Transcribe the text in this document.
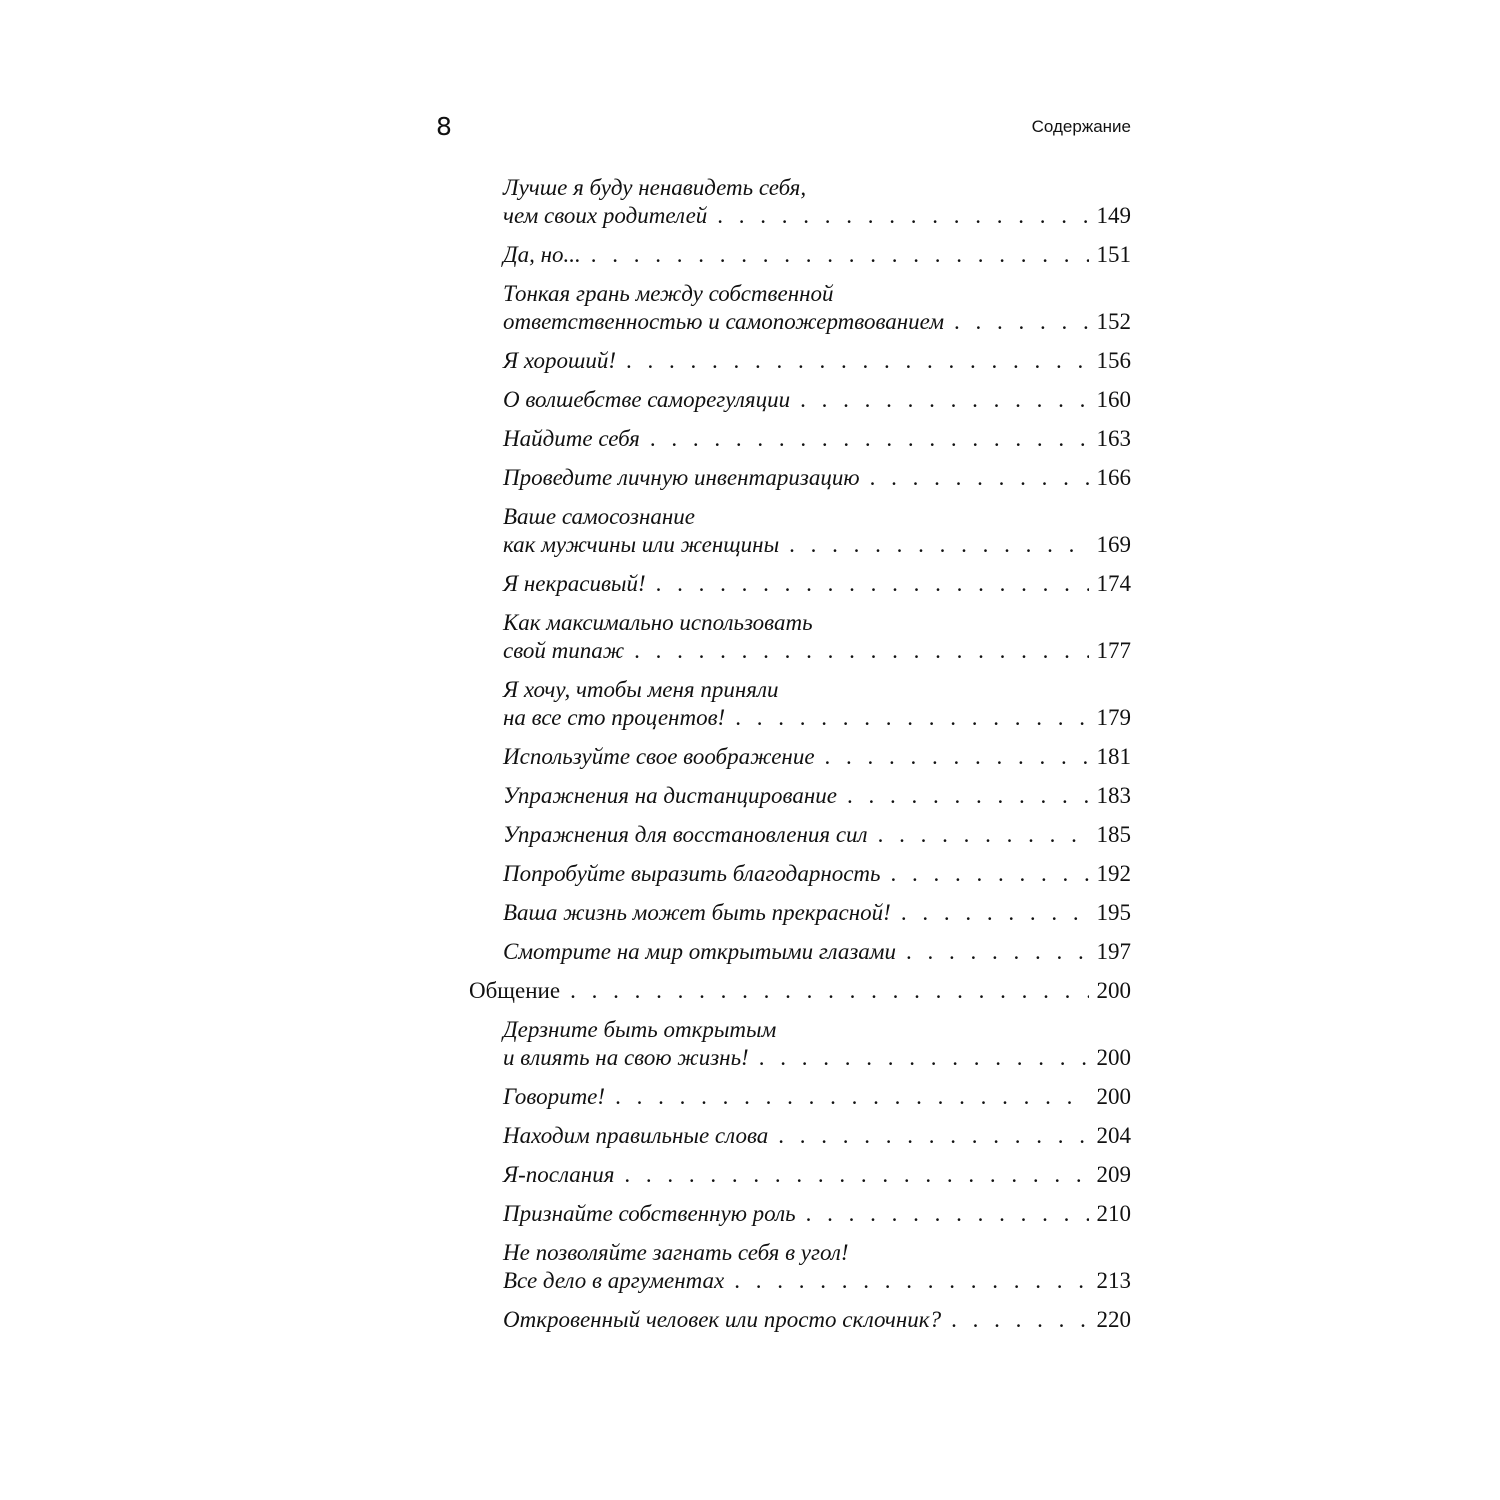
8	Содержание
Лучше я буду ненавидеть себя,
чем своих родителей . . .	149
Да, но... . . .	151
Тонкая грань между собственной
ответственностью и самопожертвованием . . .	152
Я хороший! . . .	156
О волшебстве саморегуляции . . .	160
Найдите себя . . .	163
Проведите личную инвентаризацию . . .	166
Ваше самосознание
как мужчины или женщины . . .	169
Я некрасивый! . . .	174
Как максимально использовать
свой типаж . . .	177
Я хочу, чтобы меня приняли
на все сто процентов! . . .	179
Используйте свое воображение . . .	181
Упражнения на дистанцирование . . .	183
Упражнения для восстановления сил . . .	185
Попробуйте выразить благодарность . . .	192
Ваша жизнь может быть прекрасной! . . .	195
Смотрите на мир открытыми глазами . . .	197
Общение . . .	200
Дерзните быть открытым
и влиять на свою жизнь! . . .	200
Говорите! . . .	200
Находим правильные слова . . .	204
Я-послания . . .	209
Признайте собственную роль . . .	210
Не позволяйте загнать себя в угол!
Все дело в аргументах . . .	213
Откровенный человек или просто склочник? . . .	220
